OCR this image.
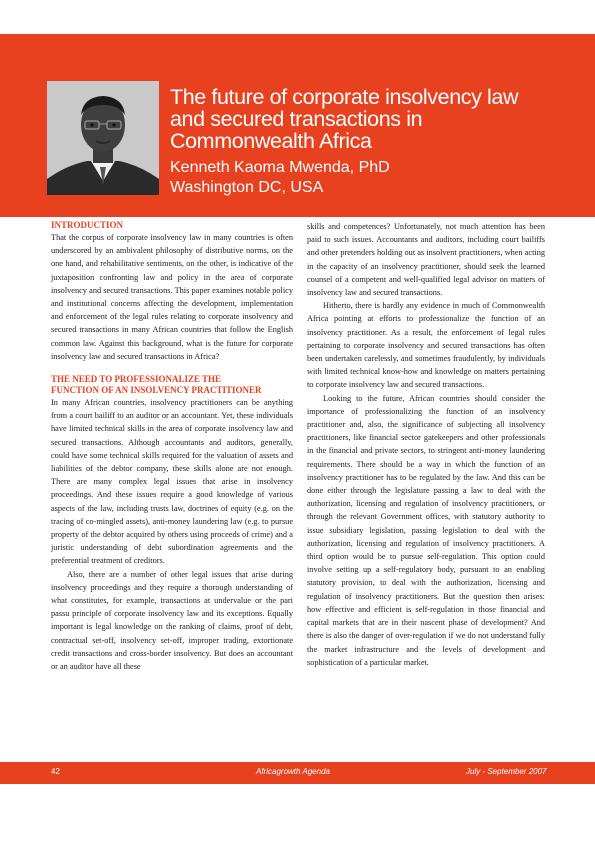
The future of corporate insolvency law
and secured transactions in
Commonwealth Africa
Kenneth Kaoma Mwenda, PhD
Washington DC, USA
INTRODUCTION

That the corpus of corporate insolvency law in many countries is often underscored by an ambivalent philosophy of distributive norms, on the one hand, and rehabilitative sentiments, on the other, is indicative of the juxtaposition confronting law and policy in the area of corporate insolvency and secured transactions. This paper examines notable policy and institutional concerns affecting the development, implementation and enforcement of the legal rules relating to corporate insolvency and secured transactions in many African countries that follow the English common law. Against this background, what is the future for corporate insolvency law and secured transactions in Africa?

THE NEED TO PROFESSIONALIZE THE
FUNCTION OF AN INSOLVENCY PRACTITIONER

In many African countries, insolvency practitioners can be anything from a court bailiff to an auditor or an accountant. Yet, these individuals have limited technical skills in the area of corporate insolvency law and secured transactions. Although accountants and auditors, generally, could have some technical skills required for the valuation of assets and liabilities of the debtor company, these skills alone are not enough. There are many complex legal issues that arise in insolvency proceedings. And these issues require a good knowledge of various aspects of the law, including trusts law, doctrines of equity (e.g. on the tracing of co-mingled assets), anti-money laundering law (e.g. to pursue property of the debtor acquired by others using proceeds of crime) and a juristic understanding of debt subordination agreements and the preferential treatment of creditors.

Also, there are a number of other legal issues that arise during insolvency proceedings and they require a thorough understanding of what constitutes, for example, transactions at undervalue or the pari passu principle of corporate insolvency law and its exceptions. Equally important is legal knowledge on the ranking of claims, proof of debt, contractual set-off, insolvency set-off, improper trading, extortionate credit transactions and cross-border insolvency. But does an accountant or an auditor have all these

skills and competences? Unfortunately, not much attention has been paid to such issues. Accountants and auditors, including court bailiffs and other pretenders holding out as insolvent practitioners, when acting in the capacity of an insolvency practitioner, should seek the learned counsel of a competent and well-qualified legal advisor on matters of insolvency law and secured transactions.

Hitherto, there is hardly any evidence in much of Commonwealth Africa pointing at efforts to professionalize the function of an insolvency practitioner. As a result, the enforcement of legal rules pertaining to corporate insolvency and secured transactions has often been undertaken carelessly, and sometimes fraudulently, by individuals with limited technical know-how and knowledge on matters pertaining to corporate insolvency law and secured transactions.

Looking to the future, African countries should consider the importance of professionalizing the function of an insolvency practitioner and, also, the significance of subjecting all insolvency practitioners, like financial sector gatekeepers and other professionals in the financial and private sectors, to stringent anti-money laundering requirements. There should be a way in which the function of an insolvency practitioner has to be regulated by the law. And this can be done either through the legislature passing a law to deal with the authorization, licensing and regulation of insolvency practitioners, or through the relevant Government offices, with statutory authority to issue subsidiary legislation, passing legislation to deal with the authorization, licensing and regulation of insolvency practitioners. A third option would be to pursue self-regulation. This option could involve setting up a self-regulatory body, pursuant to an enabling statutory provision, to deal with the authorization, licensing and regulation of insolvency practitioners. But the question then arises: how effective and efficient is self-regulation in those financial and capital markets that are in their nascent phase of development? And there is also the danger of over-regulation if we do not understand fully the market infrastructure and the levels of development and sophistication of a particular market.

42	Africagrowth Agenda	July - September 2007
